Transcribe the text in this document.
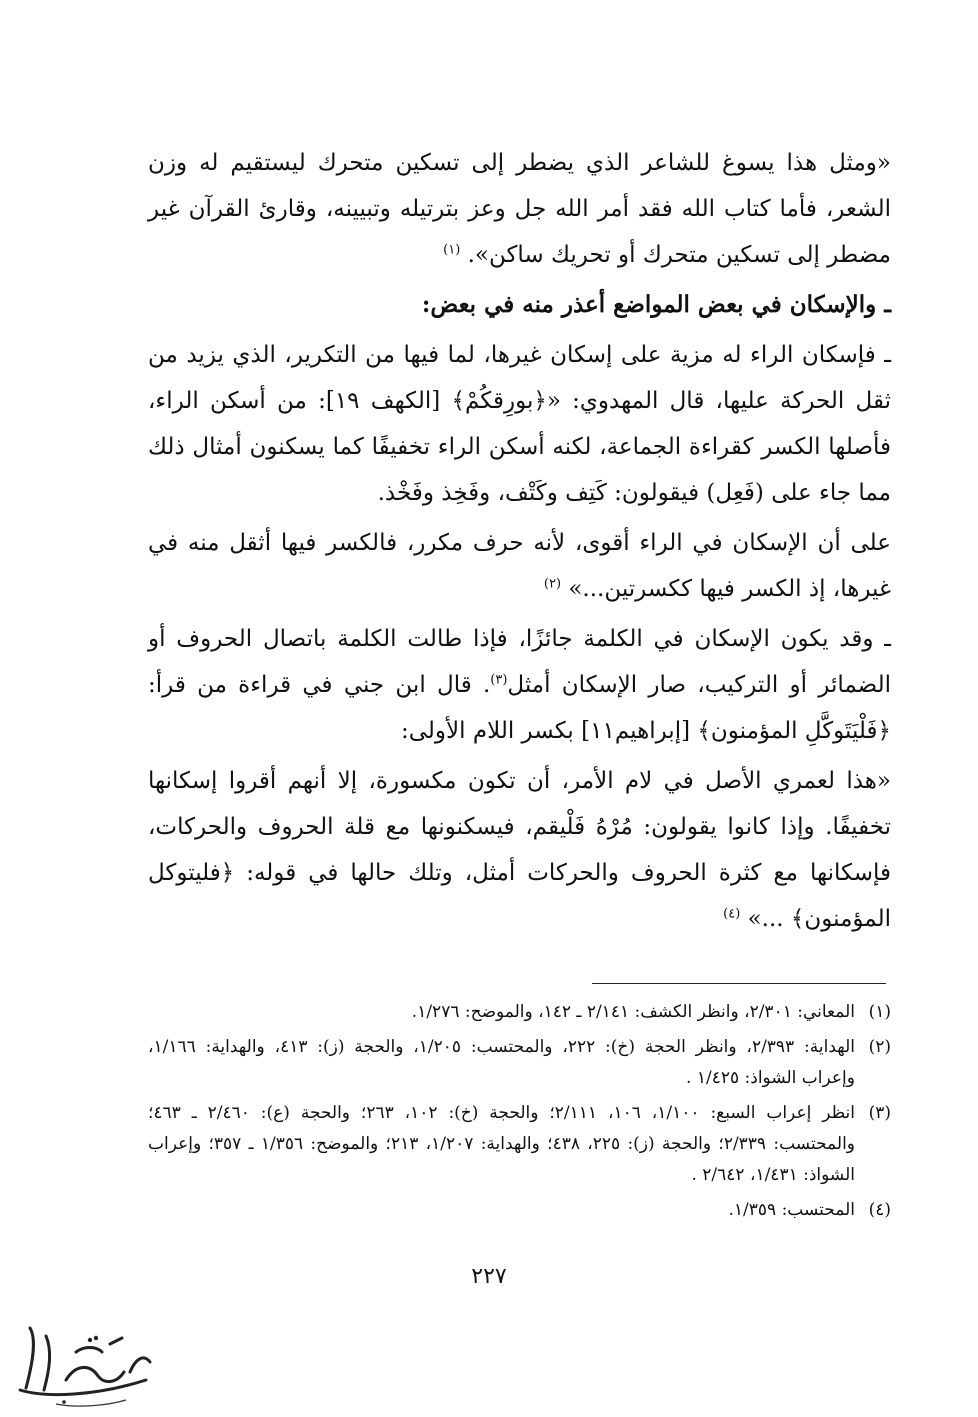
«ومثل هذا يسوغ للشاعر الذي يضطر إلى تسكين متحرك ليستقيم له وزن الشعر، فأما كتاب الله فقد أمر الله جل وعز بترتيله وتبيينه، وقارئ القرآن غير مضطر إلى تسكين متحرك أو تحريك ساكن». $^{(١)}$

ـ والإسكان في بعض المواضع أعذر منه في بعض:

ـ فإسكان الراء له مزية على إسكان غيرها، لما فيها من التكرير، الذي يزيد من ثقل الحركة عليها، قال المهدوي: «﴿بورِقكُمْ﴾ [الكهف ١٩]: من أسكن الراء، فأصلها الكسر كقراءة الجماعة، لكنه أسكن الراء تخفيفًا كما يسكنون أمثال ذلك مما جاء على (فَعِل) فيقولون: كَتِف وكَتْف، وفَخِذ وفَخْذ.

على أن الإسكان في الراء أقوى، لأنه حرف مكرر، فالكسر فيها أثقل منه في غيرها، إذ الكسر فيها ككسرتين...» $^{(٢)}$

ـ وقد يكون الإسكان في الكلمة جائزًا، فإذا طالت الكلمة باتصال الحروف أو الضمائر أو التركيب، صار الإسكان أمثل$^{(٣)}$. قال ابن جني في قراءة من قرأ: ﴿فَلْيَتَوكَّلِ المؤمنون﴾ [إبراهيم١١] بكسر اللام الأولى:

«هذا لعمري الأصل في لام الأمر، أن تكون مكسورة، إلا أنهم أقروا إسكانها تخفيفًا. وإذا كانوا يقولون: مُرْهُ فَلْيقم، فيسكنونها مع قلة الحروف والحركات، فإسكانها مع كثرة الحروف والحركات أمثل، وتلك حالها في قوله: ﴿فليتوكل المؤمنون﴾ ...» $^{(٤)}$

(١)
المعاني: ٢/٣٠١، وانظر الكشف: ٢/١٤١ ـ ١٤٢، والموضح: ١/٢٧٦.

(٢)
الهداية: ٢/٣٩٣، وانظر الحجة (خ): ٢٢٢، والمحتسب: ١/٢٠٥، والحجة (ز): ٤١٣، والهداية: ١/١٦٦، وإعراب الشواذ: ١/٤٢٥ .

(٣)
انظر إعراب السبع: ١/١٠٠، ١٠٦، ٢/١١١؛ والحجة (خ): ١٠٢، ٢٦٣؛ والحجة (ع): ٢/٤٦٠ ـ ٤٦٣؛ والمحتسب: ٢/٣٣٩؛ والحجة (ز): ٢٢٥، ٤٣٨؛ والهداية: ١/٢٠٧، ٢١٣؛ والموضح: ١/٣٥٦ ـ ٣٥٧؛ وإعراب الشواذ: ١/٤٣١، ٢/٦٤٢ .

(٤)
المحتسب: ١/٣٥٩.

٢٢٧
